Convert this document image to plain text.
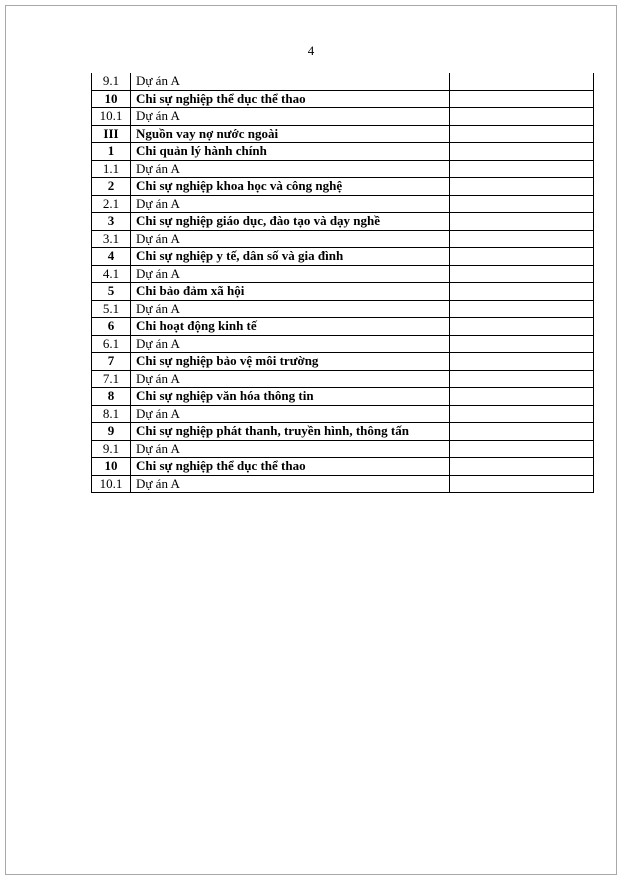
4
9.1	Dự án A	
10	Chi sự nghiệp thể dục thể thao	
10.1	Dự án A	
III	Nguồn vay nợ nước ngoài	
1	Chi quản lý hành chính	
1.1	Dự án A	
2	Chi sự nghiệp khoa học và công nghệ	
2.1	Dự án A	
3	Chi sự nghiệp giáo dục, đào tạo và dạy nghề	
3.1	Dự án A	
4	Chi sự nghiệp y tế, dân số và gia đình	
4.1	Dự án A	
5	Chi bảo đảm xã hội	
5.1	Dự án A	
6	Chi hoạt động kinh tế	
6.1	Dự án A	
7	Chi sự nghiệp bảo vệ môi trường	
7.1	Dự án A	
8	Chi sự nghiệp văn hóa thông tin	
8.1	Dự án A	
9	Chi sự nghiệp phát thanh, truyền hình, thông tấn	
9.1	Dự án A	
10	Chi sự nghiệp thể dục thể thao	
10.1	Dự án A	
